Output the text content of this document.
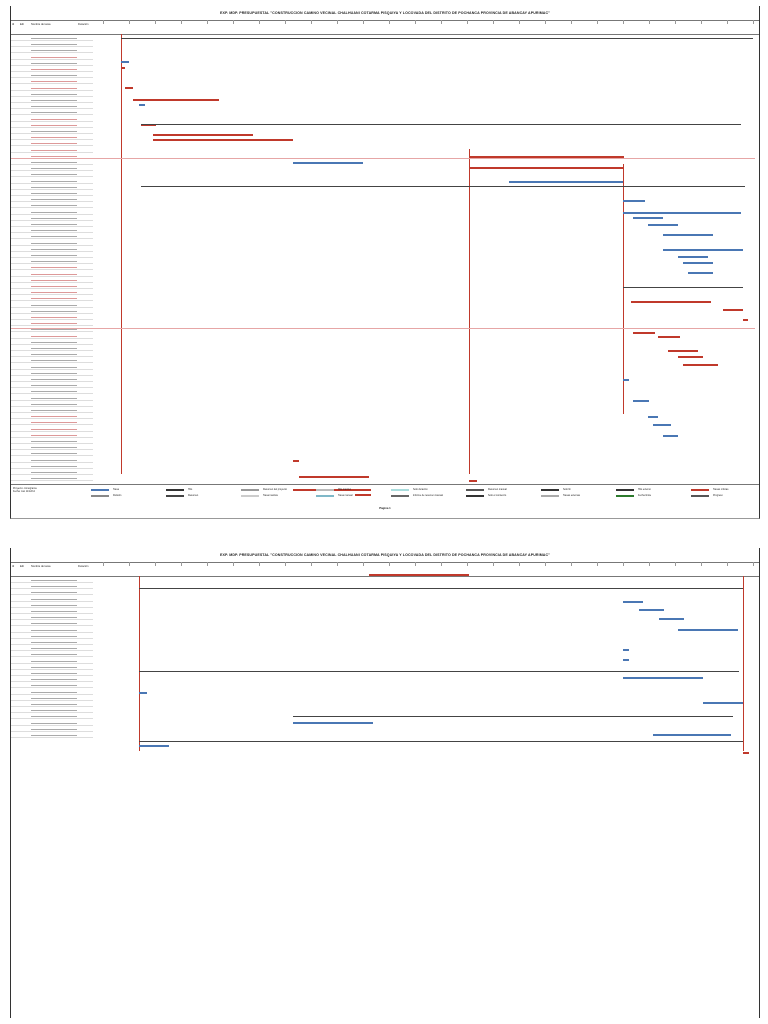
EXP. MDP. PRESUPUESTAL "CONSTRUCCION CAMINO VECINAL CHALHUANI COTARMA PISQUIYA Y LOCOVADA DEL DISTRITO DE POCHANCA PROVINCIA DE ABANCAY APURIMAC"
Id Edt	Nombre de tarea	Duración
Proyecto: cronograma
Fecha: mar 11/12/14
Tarea
División
Hito
Resumen
Resumen del proyecto
Tarea inactiva
Hito inactivo
Tarea manual
Solo duración
Informe de resumen manual
Resumen manual
Solo el comienzo
Solo fin
Tareas externas
Hito externo
Fecha límite
Tareas críticas
Progreso
Página 1
EXP. MDP. PRESUPUESTAL "CONSTRUCCION CAMINO VECINAL CHALHUANI COTARMA PISQUIYA Y LOCOVADA DEL DISTRITO DE POCHANCA PROVINCIA DE ABANCAY APURIMAC"
Id Edt	Nombre de tarea	Duración
